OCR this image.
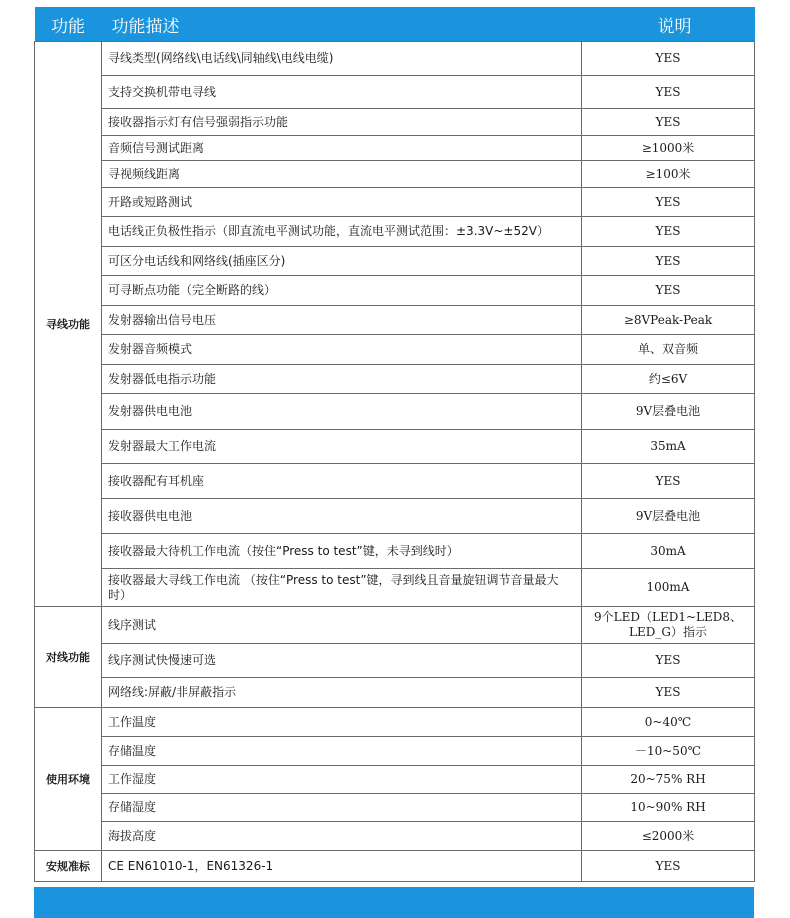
功能	功能描述	说明
寻线功能	寻线类型(网络线\电话线\同轴线\电线电缆)	YES
	支持交换机带电寻线	YES
	接收器指示灯有信号强弱指示功能	YES
	音频信号测试距离	≥1000米
	寻视频线距离	≥100米
	开路或短路测试	YES
	电话线正负极性指示（即直流电平测试功能，直流电平测试范围：±3.3V~±52V）	YES
	可区分电话线和网络线(插座区分)	YES
	可寻断点功能（完全断路的线）	YES
	发射器输出信号电压	≥8VPeak-Peak
	发射器音频模式	单、双音频
	发射器低电指示功能	约≤6V
	发射器供电电池	9V层叠电池
	发射器最大工作电流	35mA
	接收器配有耳机座	YES
	接收器供电电池	9V层叠电池
	接收器最大待机工作电流（按住“Press to test”键，未寻到线时）	30mA
	接收器最大寻线工作电流 （按住“Press to test”键，寻到线且音量旋钮调节音量最大时）	100mA
对线功能	线序测试	9个LED（LED1~LED8、LED_G）指示
	线序测试快慢速可选	YES
	网络线:屏蔽/非屏蔽指示	YES
使用环境	工作温度	0~40℃
	存储温度	－10~50℃
	工作湿度	20~75% RH
	存储湿度	10~90% RH
	海拔高度	≤2000米
安规准标	CE EN61010-1，EN61326-1	YES
